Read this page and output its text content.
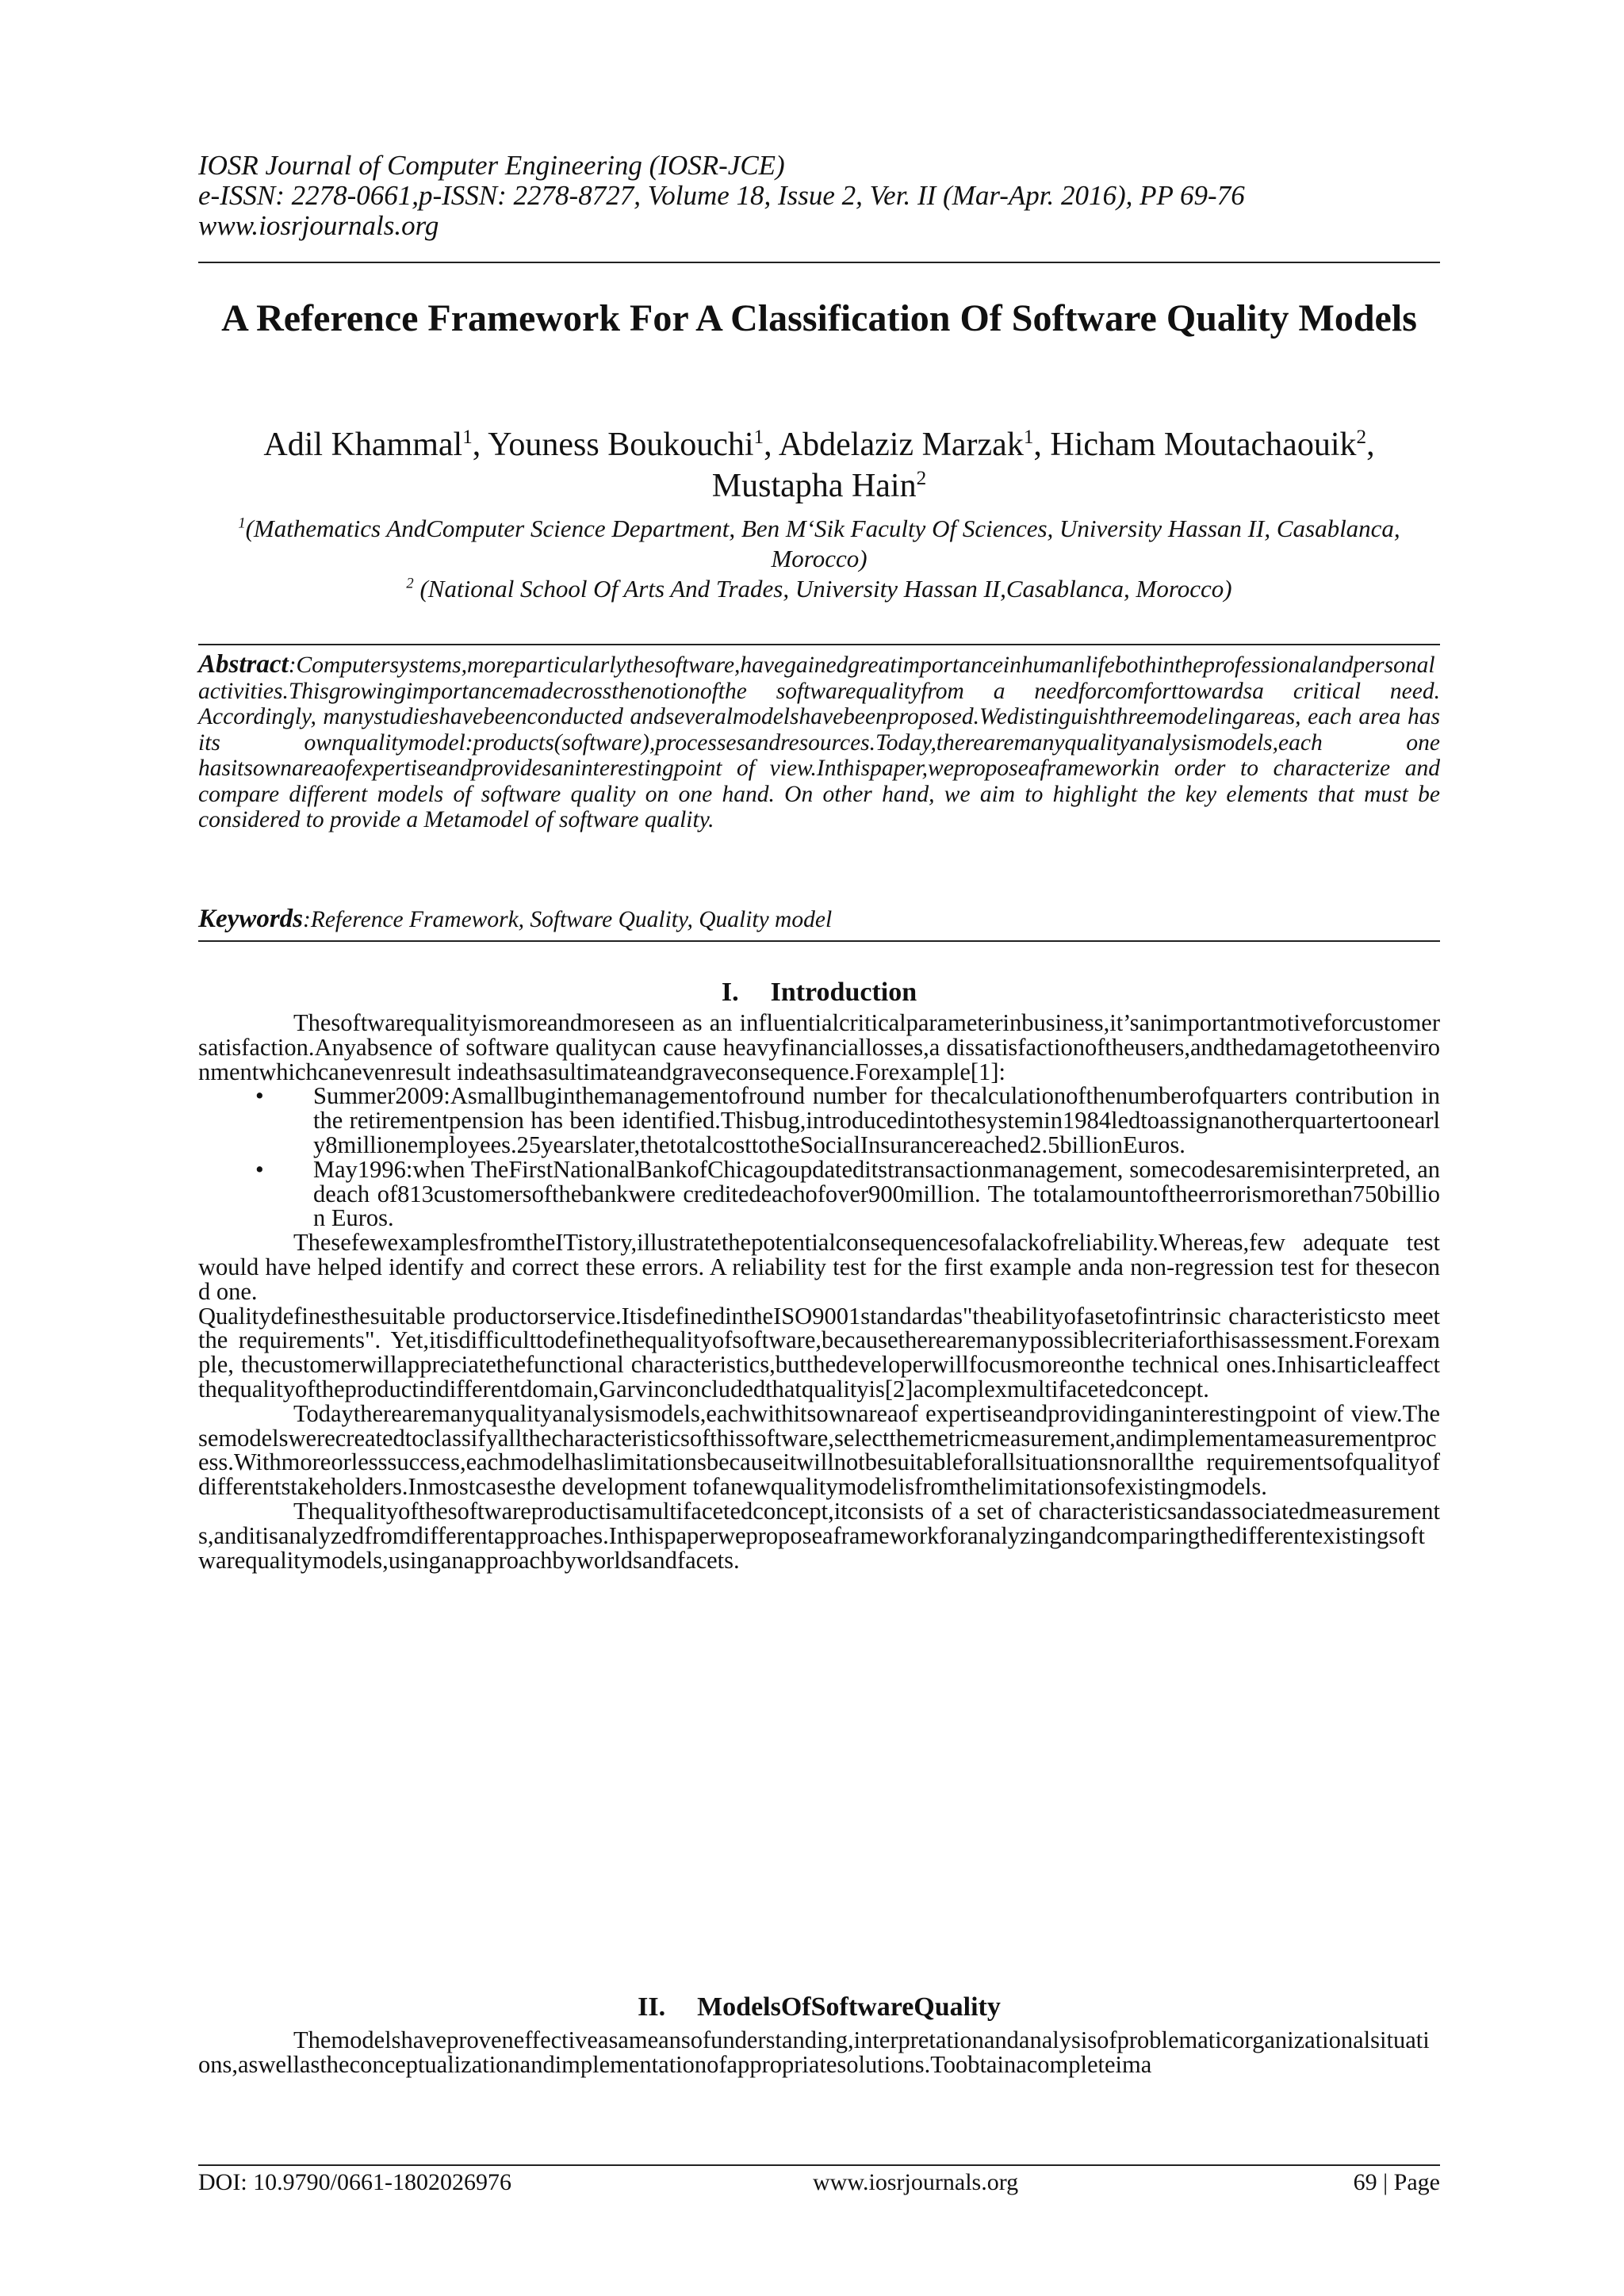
IOSR Journal of Computer Engineering (IOSR-JCE)
e-ISSN: 2278-0661,p-ISSN: 2278-8727, Volume 18, Issue 2, Ver. II (Mar-Apr. 2016), PP 69-76
www.iosrjournals.org
A Reference Framework For A Classification Of Software Quality Models
Adil Khammal$^1$, Youness Boukouchi$^1$, Abdelaziz Marzak$^1$, Hicham Moutachaouik$^2$, Mustapha Hain$^2$
$^1$(Mathematics AndComputer Science Department, Ben M‘Sik Faculty Of Sciences, University Hassan II, Casablanca, Morocco)
$^2$ (National School Of Arts And Trades, University Hassan II,Casablanca, Morocco)
Abstract:Computersystems,moreparticularlythesoftware,havegainedgreatimportanceinhumanlifebothintheprofessionalandpersonalactivities.Thisgrowingimportancemadecrossthenotionofthe softwarequalityfrom a needforcomforttowardsa critical need. Accordingly, manystudieshavebeenconducted andseveralmodelshavebeenproposed.Wedistinguishthreemodelingareas, each area has its ownqualitymodel:products(software),processesandresources.Today,therearemanyqualityanalysismodels,each one hasitsownareaofexpertiseandprovidesaninterestingpoint of view.Inthispaper,weproposeaframeworkin order to characterize and compare different models of software quality on one hand. On other hand, we aim to highlight the key elements that must be considered to provide a Metamodel of software quality.
Keywords:Reference Framework, Software Quality, Quality model
I. Introduction

Thesoftwarequalityismoreandmoreseen as an influentialcriticalparameterinbusiness,it’sanimportantmotiveforcustomersatisfaction.Anyabsence of software qualitycan cause heavyfinanciallosses,a dissatisfactionoftheusers,andthedamagetotheenvironmentwhichcanevenresult indeathsasultimateandgraveconsequence.Forexample[1]:

• Summer2009:Asmallbuginthemanagementofround number for thecalculationofthenumberofquarters contribution in the retirementpension has been identified.Thisbug,introducedintothesystemin1984ledtoassignanotherquartertoonearly8millionemployees.25yearslater,thetotalcosttotheSocialInsurancereached2.5billionEuros.
• May1996:when TheFirstNationalBankofChicagoupdateditstransactionmanagement, somecodesaremisinterpreted, andeach of813customersofthebankwere creditedeachofover900million. The totalamountoftheerrorismorethan750billion Euros.

ThesefewexamplesfromtheITistory,illustratethepotentialconsequencesofalackofreliability.Whereas,few adequate test would have helped identify and correct these errors. A reliability test for the first example anda non-regression test for thesecond one.

Qualitydefinesthesuitable productorservice.ItisdefinedintheISO9001standardas"theabilityofasetofintrinsic characteristicsto meet the requirements". Yet,itisdifficulttodefinethequalityofsoftware,becausetherearemanypossiblecriteriaforthisassessment.Forexample, thecustomerwillappreciatethefunctional characteristics,butthedeveloperwillfocusmoreonthe technical ones.Inhisarticleaffectthequalityoftheproductindifferentdomain,Garvinconcludedthatqualityis[2]acomplexmultifacetedconcept.

Todaytherearemanyqualityanalysismodels,eachwithitsownareaof expertiseandprovidinganinterestingpoint of view.Thesemodelswerecreatedtoclassifyallthecharacteristicsofthissoftware,selectthemetricmeasurement,andimplementameasurementprocess.Withmoreorlesssuccess,eachmodelhaslimitationsbecauseitwillnotbesuitableforallsituationsnorallthe requirementsofqualityofdifferentstakeholders.Inmostcasesthe development tofanewqualitymodelisfromthelimitationsofexistingmodels.

Thequalityofthesoftwareproductisamultifacetedconcept,itconsists of a set of characteristicsandassociatedmeasurements,anditisanalyzedfromdifferentapproaches.Inthispaperweproposeaframeworkforanalyzingandcomparingthedifferentexistingsoftwarequalitymodels,usinganapproachbyworldsandfacets.

II. ModelsOfSoftwareQuality

Themodelshaveproveneffectiveasameansofunderstanding,interpretationandanalysisofproblematicorganizationalsituations,aswellastheconceptualizationandimplementationofappropriatesolutions.Toobtainacompleteima

DOI: 10.9790/0661-1802026976	www.iosrjournals.org	69 | Page
